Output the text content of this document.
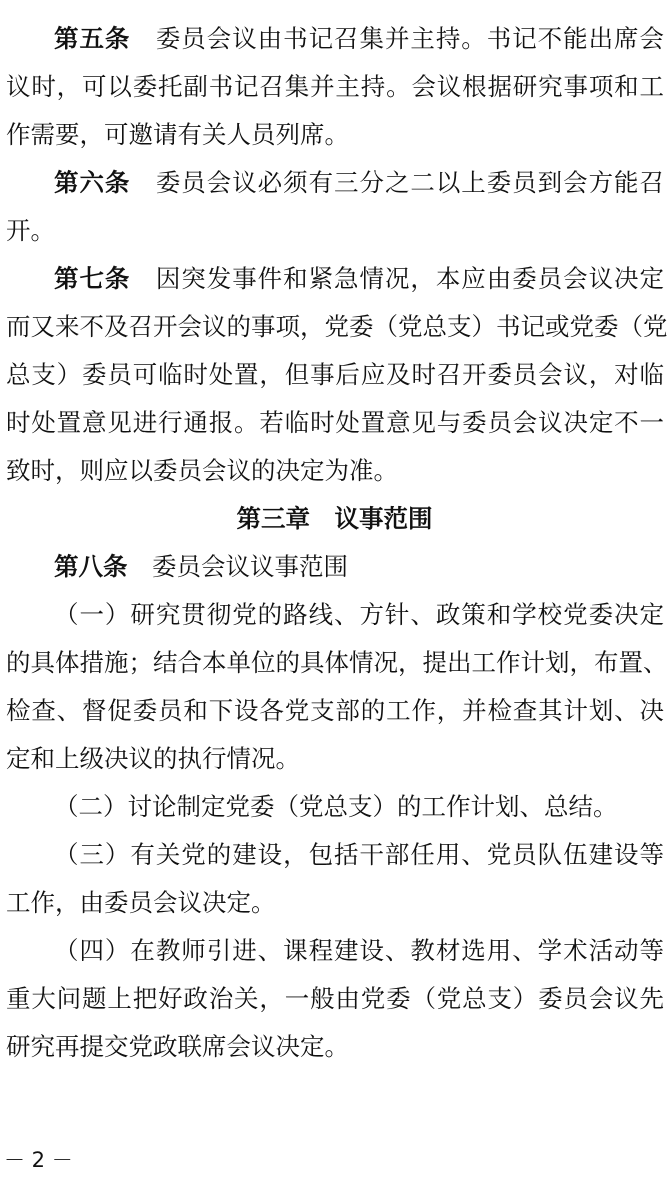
第五条　委员会议由书记召集并主持。书记不能出席会
议时，可以委托副书记召集并主持。会议根据研究事项和工
作需要，可邀请有关人员列席。
第六条　委员会议必须有三分之二以上委员到会方能召
开。
第七条　因突发事件和紧急情况，本应由委员会议决定
而又来不及召开会议的事项，党委（党总支）书记或党委（党
总支）委员可临时处置，但事后应及时召开委员会议，对临
时处置意见进行通报。若临时处置意见与委员会议决定不一
致时，则应以委员会议的决定为准。
第三章　议事范围
第八条　委员会议议事范围
（一）研究贯彻党的路线、方针、政策和学校党委决定
的具体措施；结合本单位的具体情况，提出工作计划，布置、
检查、督促委员和下设各党支部的工作，并检查其计划、决
定和上级决议的执行情况。
（二）讨论制定党委（党总支）的工作计划、总结。
（三）有关党的建设，包括干部任用、党员队伍建设等
工作，由委员会议决定。
（四）在教师引进、课程建设、教材选用、学术活动等
重大问题上把好政治关，一般由党委（党总支）委员会议先
研究再提交党政联席会议决定。
－ 2 －
